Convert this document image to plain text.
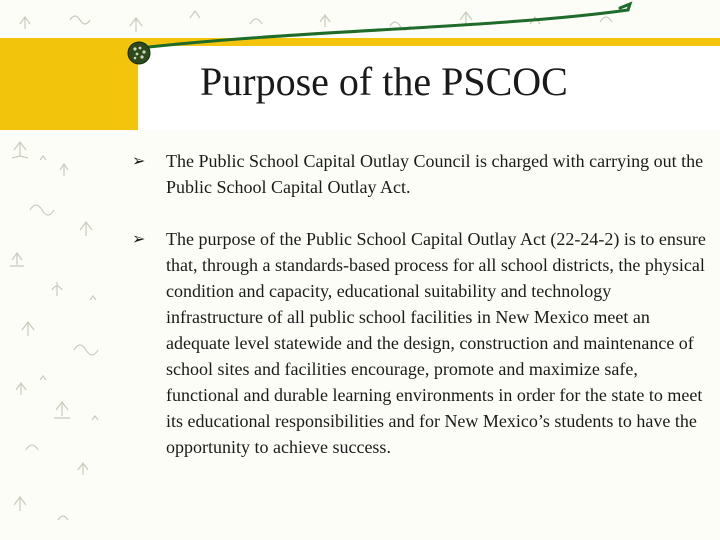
Purpose of the PSCOC
➢ The Public School Capital Outlay Council is charged with carrying out the Public School Capital Outlay Act.
➢ The purpose of the Public School Capital Outlay Act (22-24-2) is to ensure that, through a standards-based process for all school districts, the physical condition and capacity, educational suitability and technology infrastructure of all public school facilities in New Mexico meet an adequate level statewide and the design, construction and maintenance of school sites and facilities encourage, promote and maximize safe, functional and durable learning environments in order for the state to meet its educational responsibilities and for New Mexico’s students to have the opportunity to achieve success.
